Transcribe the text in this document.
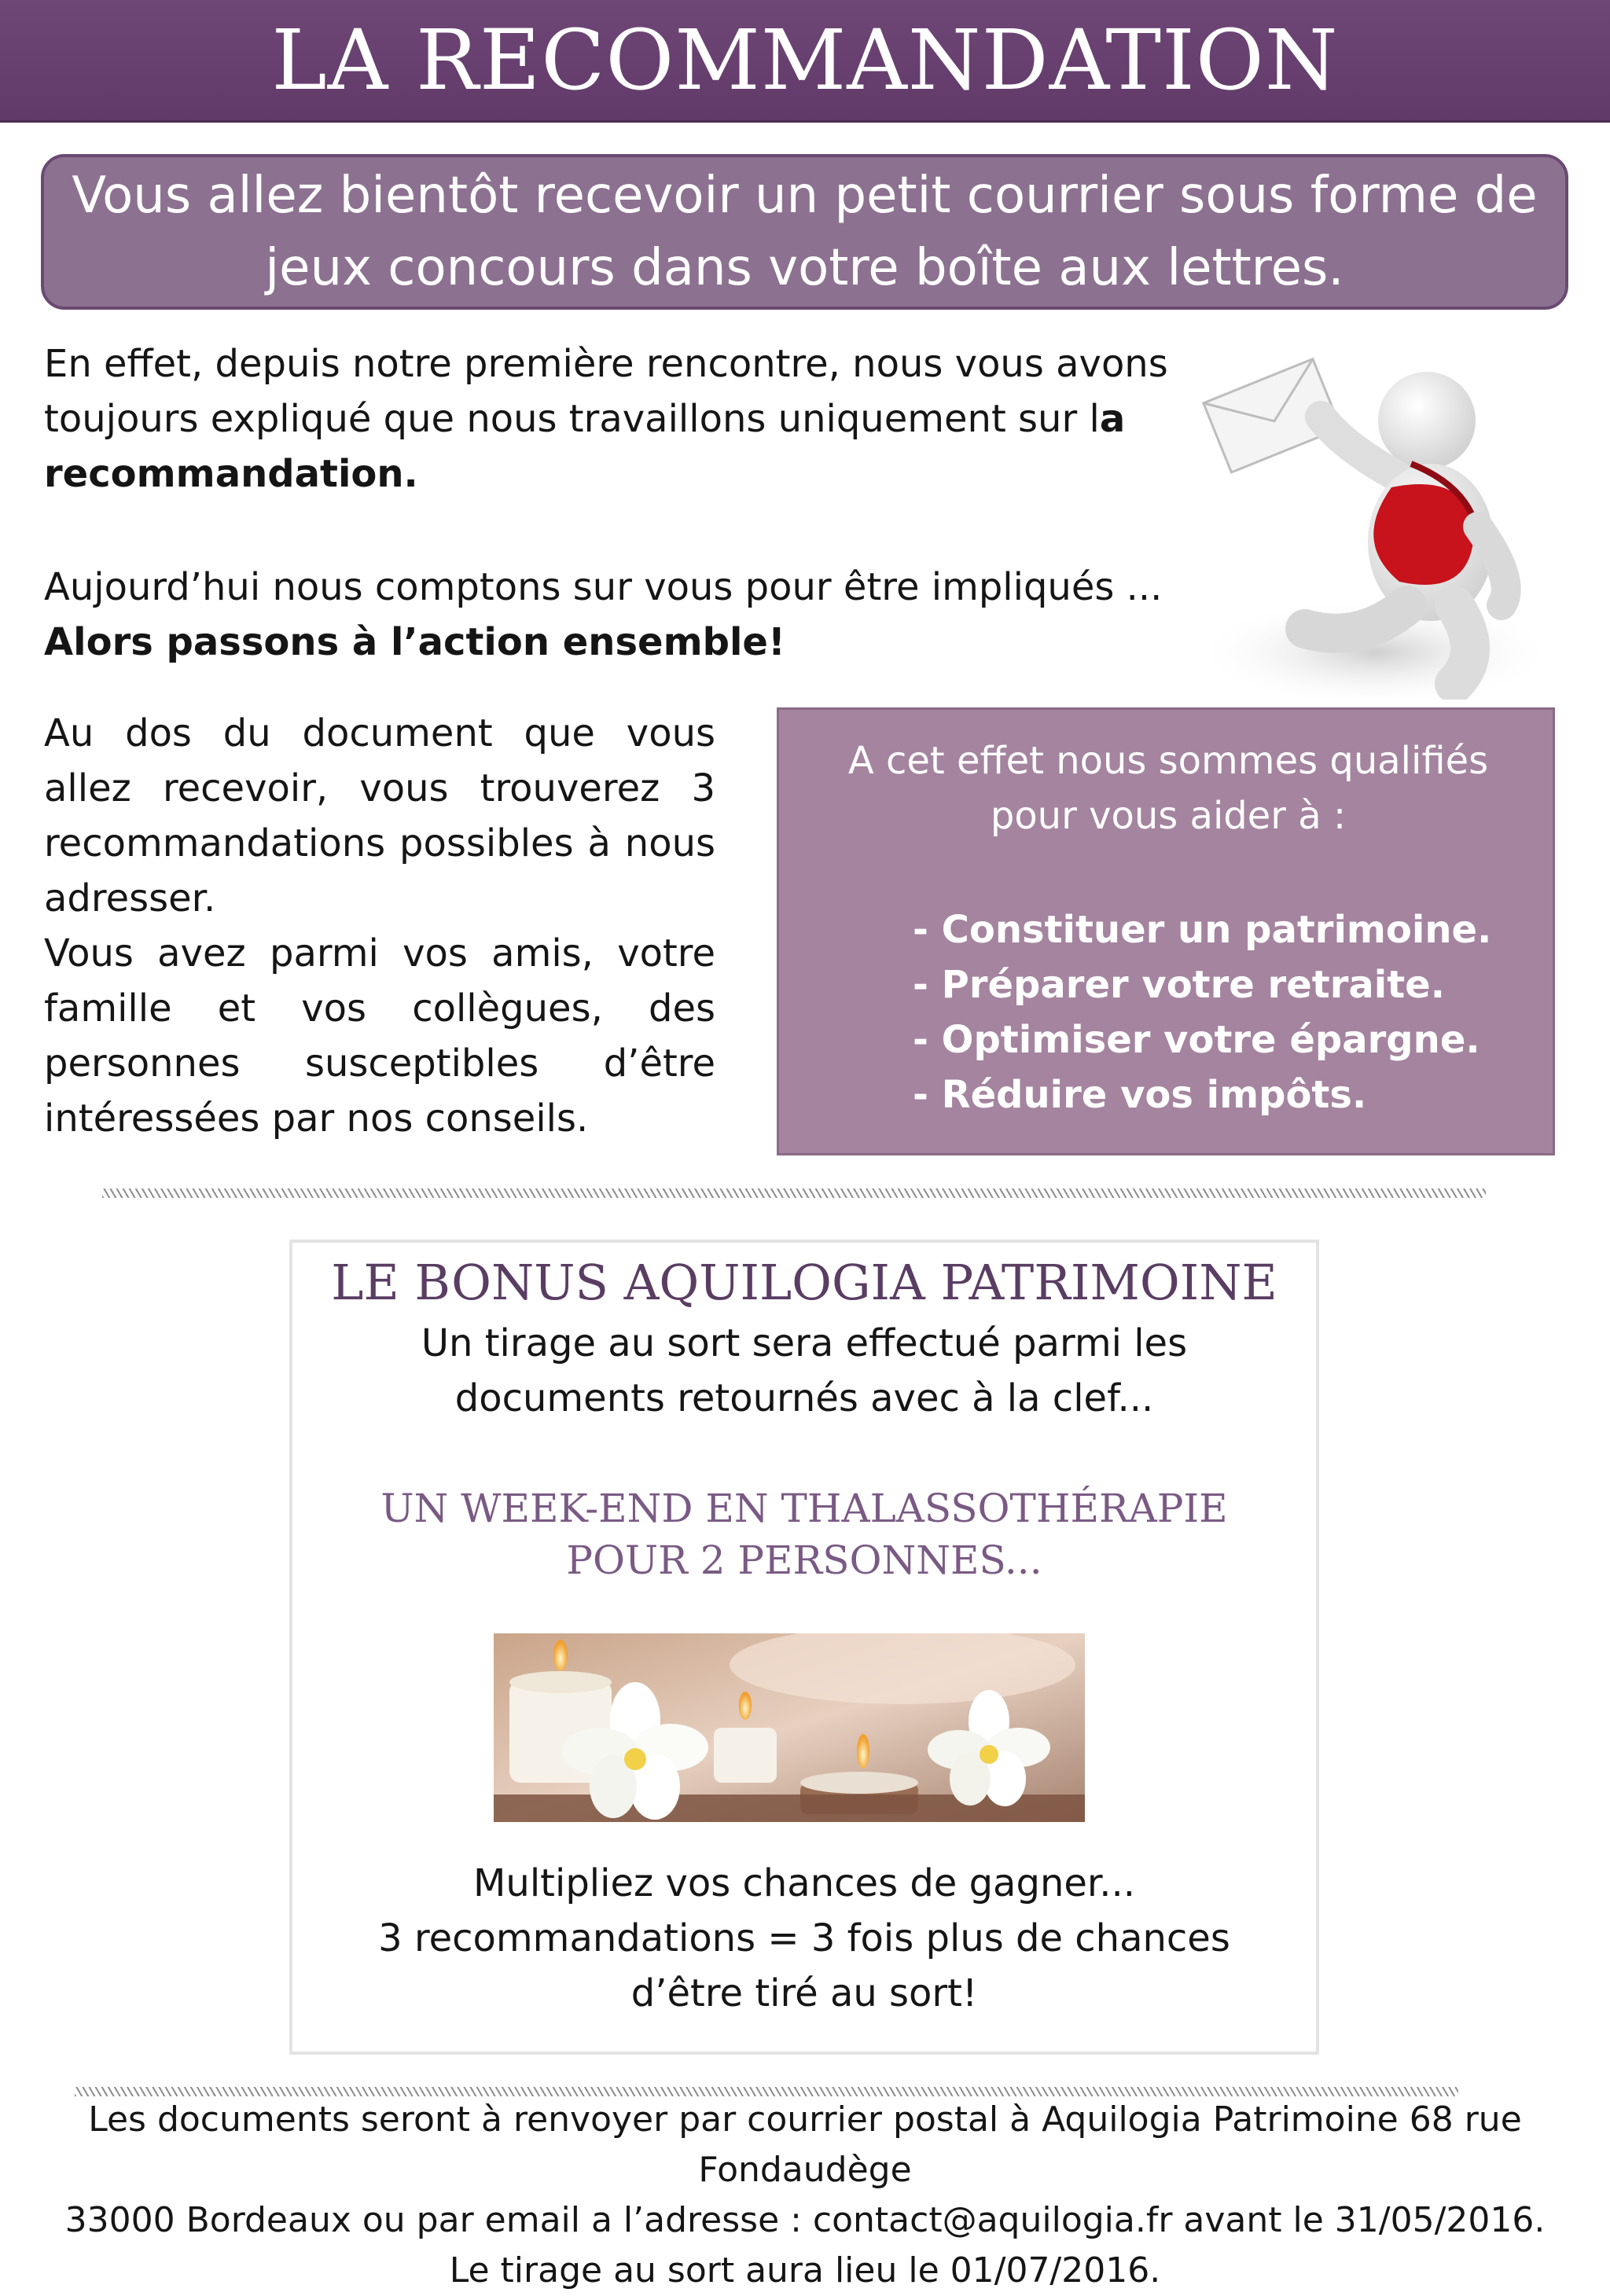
LA RECOMMANDATION
Vous allez bientôt recevoir un petit courrier sous forme de jeux concours dans votre boîte aux lettres.
En effet, depuis notre première rencontre, nous vous avons toujours expliqué que nous travaillons uniquement sur la recommandation.
Aujourd’hui nous comptons sur vous pour être impliqués ...
Alors passons à l’action ensemble!
Au dos du document que vous allez recevoir, vous trouverez 3 recommandations possibles à nous adresser.
Vous avez parmi vos amis, votre famille et vos collègues, des personnes susceptibles d’être intéressées par nos conseils.
A cet effet nous sommes qualifiés pour vous aider à :
- Constituer un patrimoine.
- Préparer votre retraite.
- Optimiser votre épargne.
- Réduire vos impôts.
LE BONUS AQUILOGIA PATRIMOINE
Un tirage au sort sera effectué parmi les
documents retournés avec à la clef...
UN WEEK-END EN THALASSOTHÉRAPIE
POUR 2 PERSONNES...
Multipliez vos chances de gagner...
3 recommandations = 3 fois plus de chances
d’être tiré au sort!
Les documents seront à renvoyer par courrier postal à Aquilogia Patrimoine 68 rue Fondaudège
33000 Bordeaux ou par email a l’adresse : contact@aquilogia.fr avant le 31/05/2016.
Le tirage au sort aura lieu le 01/07/2016.
